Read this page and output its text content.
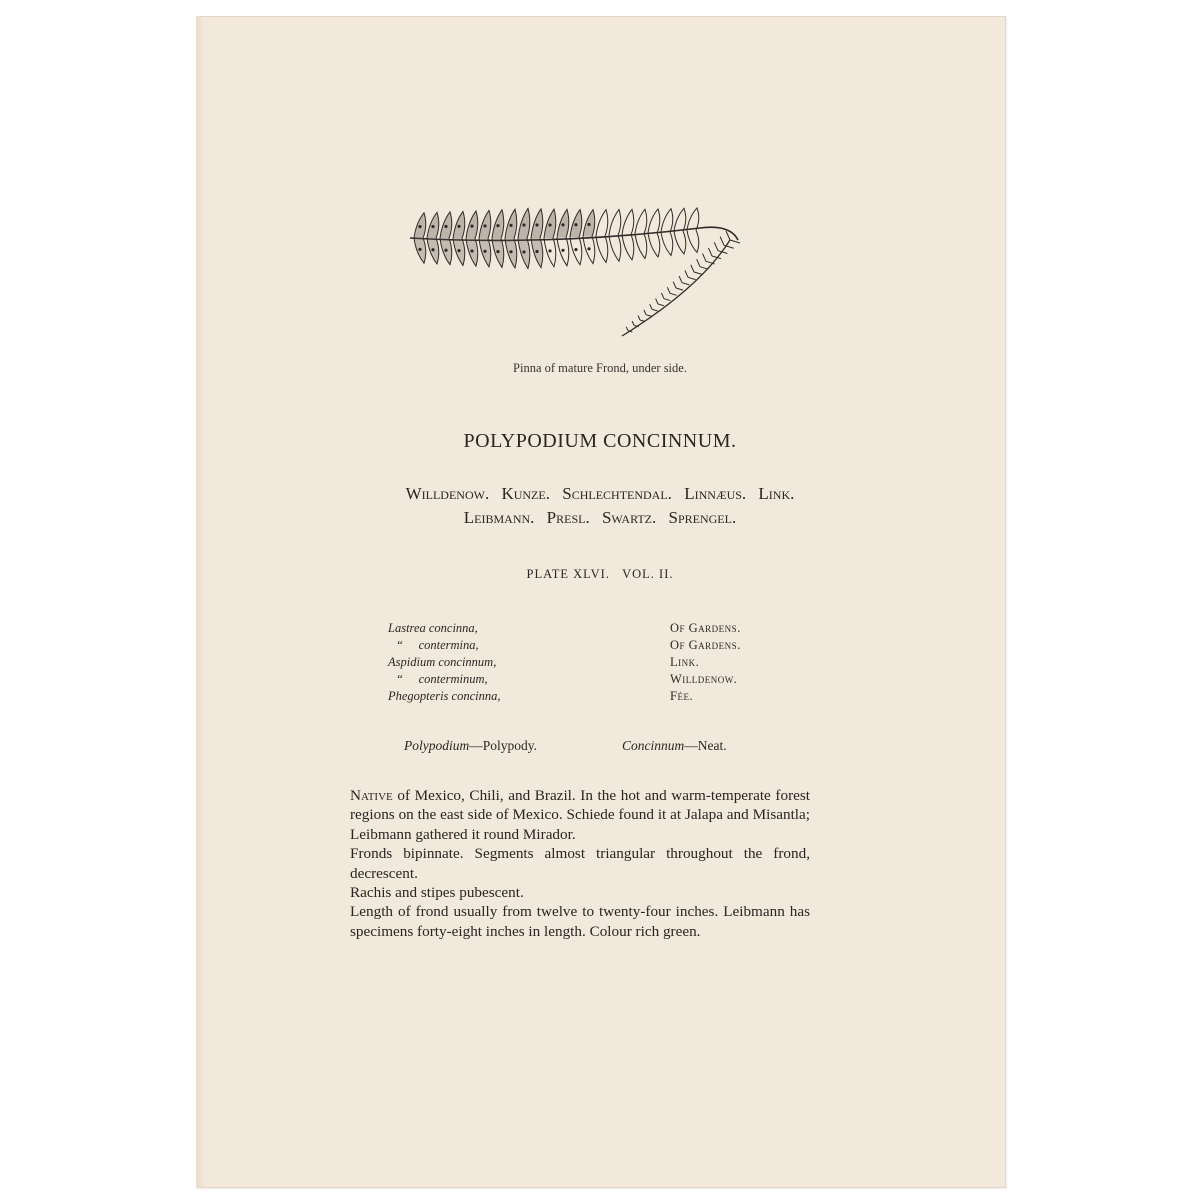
Pinna of mature Frond, under side.
POLYPODIUM CONCINNUM.
Willdenow. Kunze. Schlechtendal. Linnæus. Link.
Leibmann. Presl. Swartz. Sprengel.
PLATE XLVI.   VOL. II.
Lastrea concinna,	Of Gardens.
“     contermina,	Of Gardens.
Aspidium concinnum,	Link.
“     conterminum,	Willdenow.
Phegopteris concinna,	Fée.
Polypodium—Polypody.	Concinnum—Neat.

Native of Mexico, Chili, and Brazil. In the hot and warm-temperate forest regions on the east side of Mexico. Schiede found it at Jalapa and Misantla; Leibmann gathered it round Mirador.

Fronds bipinnate. Segments almost triangular throughout the frond, decrescent.

Rachis and stipes pubescent.

Length of frond usually from twelve to twenty-four inches. Leibmann has specimens forty-eight inches in length. Colour rich green.
